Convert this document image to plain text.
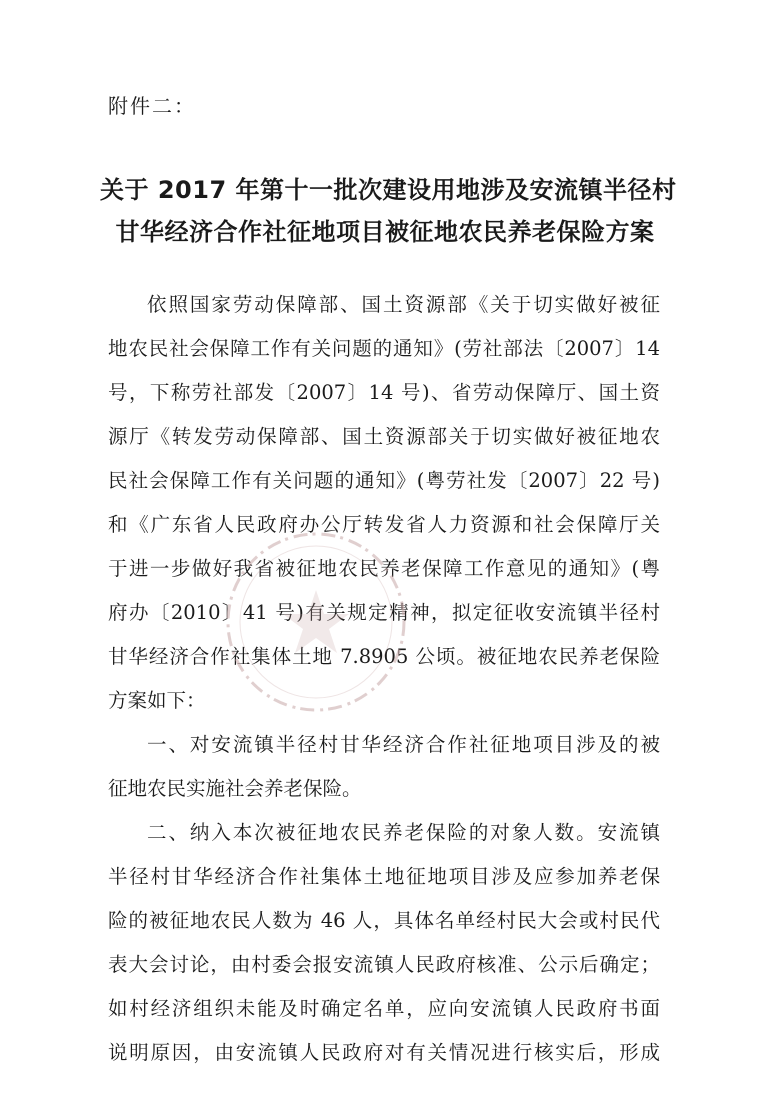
附件二：
关于 2017 年第十一批次建设用地涉及安流镇半径村
甘华经济合作社征地项目被征地农民养老保险方案
依照国家劳动保障部、国土资源部《关于切实做好被征
地农民社会保障工作有关问题的通知》(劳社部法〔2007〕14
号，下称劳社部发〔2007〕14 号)、省劳动保障厅、国土资
源厅《转发劳动保障部、国土资源部关于切实做好被征地农
民社会保障工作有关问题的通知》(粤劳社发〔2007〕22 号)
和《广东省人民政府办公厅转发省人力资源和社会保障厅关
于进一步做好我省被征地农民养老保障工作意见的通知》(粤
府办〔2010〕41 号)有关规定精神，拟定征收安流镇半径村
甘华经济合作社集体土地 7.8905 公顷。被征地农民养老保险
方案如下：
一、对安流镇半径村甘华经济合作社征地项目涉及的被
征地农民实施社会养老保险。
二、纳入本次被征地农民养老保险的对象人数。安流镇
半径村甘华经济合作社集体土地征地项目涉及应参加养老保
险的被征地农民人数为 46 人，具体名单经村民大会或村民代
表大会讨论，由村委会报安流镇人民政府核准、公示后确定；
如村经济组织未能及时确定名单，应向安流镇人民政府书面
说明原因，由安流镇人民政府对有关情况进行核实后，形成
